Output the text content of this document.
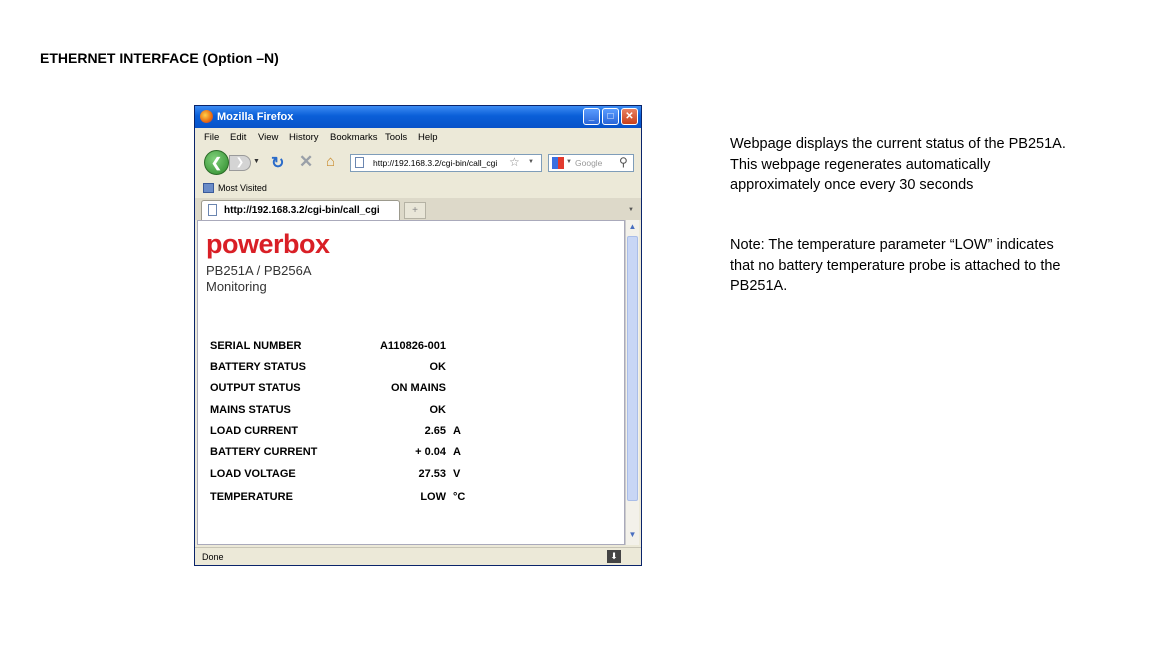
ETHERNET INTERFACE (Option –N)
Webpage displays the current status of the PB251A.
This webpage regenerates automatically
approximately once every 30 seconds
Note: The temperature parameter “LOW” indicates
that no battery temperature probe is attached to the
PB251A.
Mozilla Firefox	_	□	✕
File Edit View History Bookmarks Tools Help
❮	❯	▼ ↻ ✕ ⌂	http://192.168.3.2/cgi-bin/call_cgi ☆ ▼	▼ Google ⚲
Most Visited
http://192.168.3.2/cgi-bin/call_cgi	+	▼
powerbox
PB251A / PB256A
Monitoring
SERIAL NUMBER	A110826-001
BATTERY STATUS	OK
OUTPUT STATUS	ON MAINS
MAINS STATUS	OK
LOAD CURRENT	2.65 A
BATTERY CURRENT	+ 0.04 A
LOAD VOLTAGE	27.53 V
TEMPERATURE	LOW °C
▲
▼
Done	⬇
